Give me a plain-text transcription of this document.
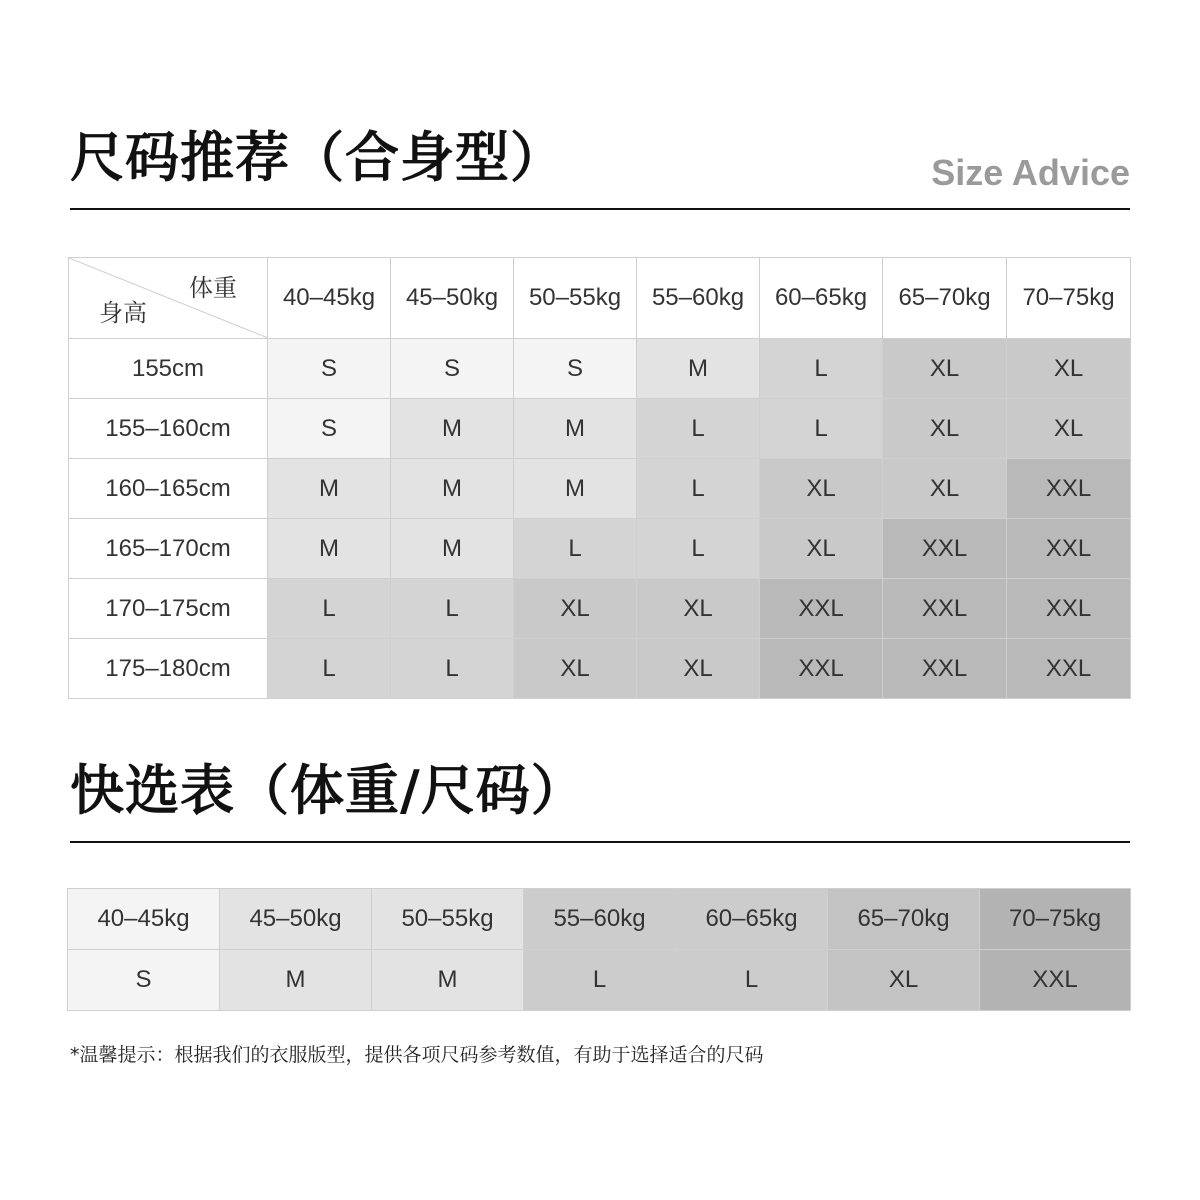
尺码推荐（合身型）	Size Advice
体重
身高	40–45kg	45–50kg	50–55kg	55–60kg	60–65kg	65–70kg	70–75kg
155cm	S	S	S	M	L	XL	XL
155–160cm	S	M	M	L	L	XL	XL
160–165cm	M	M	M	L	XL	XL	XXL
165–170cm	M	M	L	L	XL	XXL	XXL
170–175cm	L	L	XL	XL	XXL	XXL	XXL
175–180cm	L	L	XL	XL	XXL	XXL	XXL
快选表（体重/尺码）
40–45kg	45–50kg	50–55kg	55–60kg	60–65kg	65–70kg	70–75kg
S	M	M	L	L	XL	XXL
*温馨提示：根据我们的衣服版型，提供各项尺码参考数值，有助于选择适合的尺码
